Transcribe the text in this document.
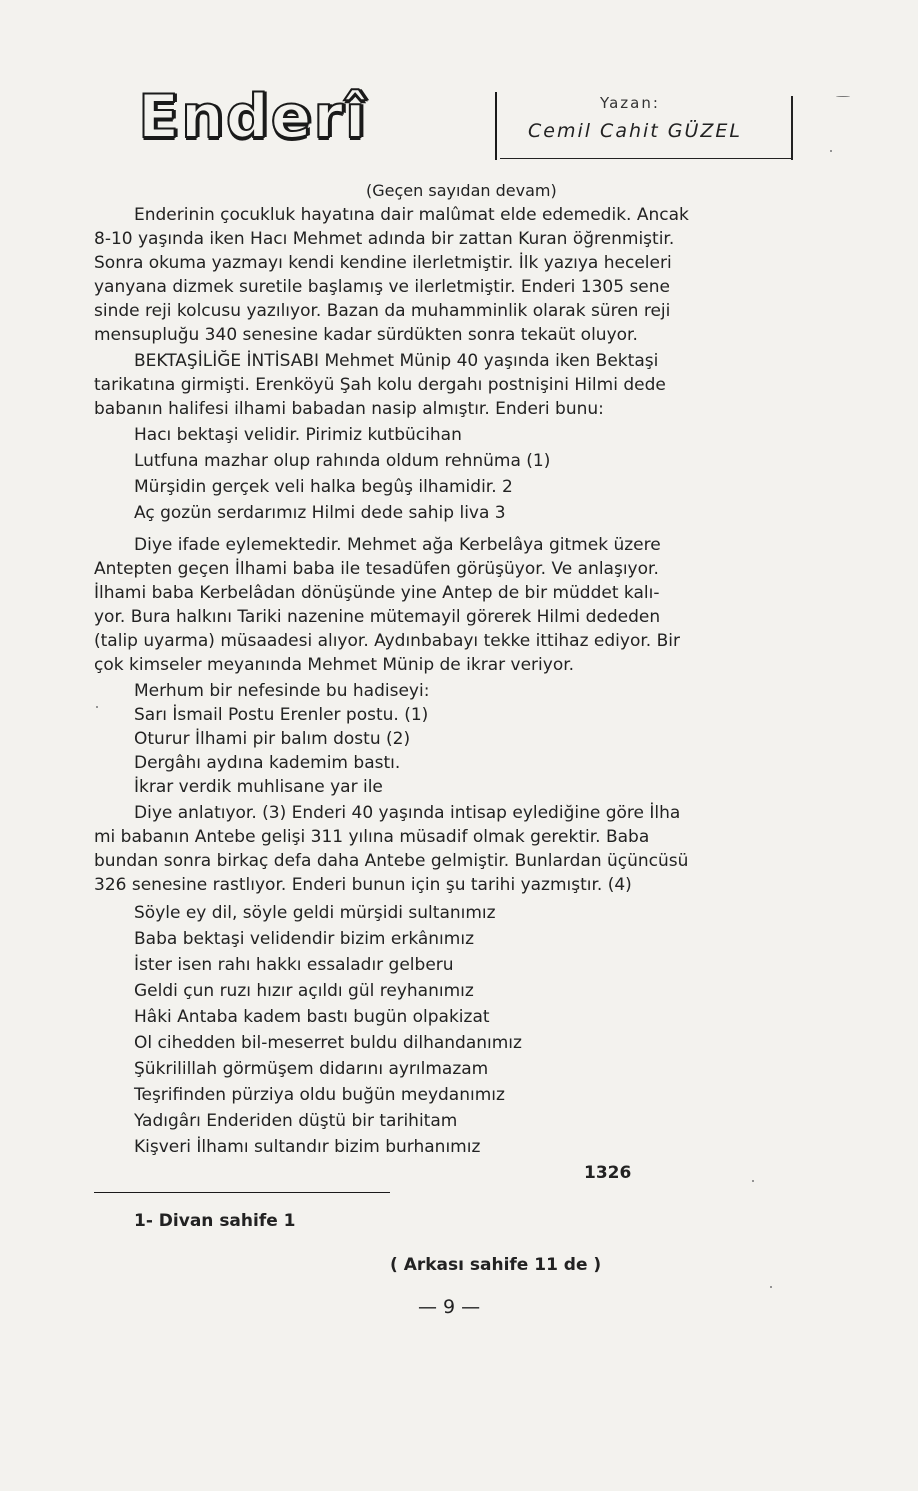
Enderî	Yazan:
Cemil Cahit GÜZEL
(Geçen sayıdan devam)
Enderinin çocukluk hayatına dair malûmat elde edemedik. Ancak
8-10 yaşında iken Hacı Mehmet adında bir zattan Kuran öğrenmiştir.
Sonra okuma yazmayı kendi kendine ilerletmiştir. İlk yazıya heceleri
yanyana dizmek suretile başlamış ve ilerletmiştir. Enderi 1305 sene
sinde reji kolcusu yazılıyor. Bazan da muhamminlik olarak süren reji
mensupluğu 340 senesine kadar sürdükten sonra tekaüt oluyor.
BEKTAŞİLİĞE İNTİSABI Mehmet Münip 40 yaşında iken Bektaşi
tarikatına girmişti. Erenköyü Şah kolu dergahı postnişini Hilmi dede
babanın halifesi ilhami babadan nasip almıştır. Enderi bunu:
Hacı bektaşi velidir. Pirimiz kutbücihan
Lutfuna mazhar olup rahında oldum rehnüma (1)
Mürşidin gerçek veli halka begûş ilhamidir. 2
Aç gozün serdarımız Hilmi dede sahip liva 3
Diye ifade eylemektedir. Mehmet ağa Kerbelâya gitmek üzere
Antepten geçen İlhami baba ile tesadüfen görüşüyor. Ve anlaşıyor.
İlhami baba Kerbelâdan dönüşünde yine Antep de bir müddet kalı-
yor. Bura halkını Tariki nazenine mütemayil görerek Hilmi dededen
(talip uyarma) müsaadesi alıyor. Aydınbabayı tekke ittihaz ediyor. Bir
çok kimseler meyanında Mehmet Münip de ikrar veriyor.
Merhum bir nefesinde bu hadiseyi:
Sarı İsmail Postu Erenler postu. (1)
Oturur İlhami pir balım dostu (2)
Dergâhı aydına kademim bastı.
İkrar verdik muhlisane yar ile
Diye anlatıyor. (3) Enderi 40 yaşında intisap eylediğine göre İlha
mi babanın Antebe gelişi 311 yılına müsadif olmak gerektir. Baba
bundan sonra birkaç defa daha Antebe gelmiştir. Bunlardan üçüncüsü
326 senesine rastlıyor. Enderi bunun için şu tarihi yazmıştır. (4)
Söyle ey dil, söyle geldi mürşidi sultanımız
Baba bektaşi velidendir bizim erkânımız
İster isen rahı hakkı essaladır gelberu
Geldi çun ruzı hızır açıldı gül reyhanımız
Hâki Antaba kadem bastı bugün olpakizat
Ol cihedden bil-meserret buldu dilhandanımız
Şükrilillah görmüşem didarını ayrılmazam
Teşrifinden pürziya oldu buğün meydanımız
Yadıgârı Enderiden düştü bir tarihitam
Kişveri İlhamı sultandır bizim burhanımız
1326
1- Divan sahife 1
( Arkası sahife 11 de )
— 9 —
